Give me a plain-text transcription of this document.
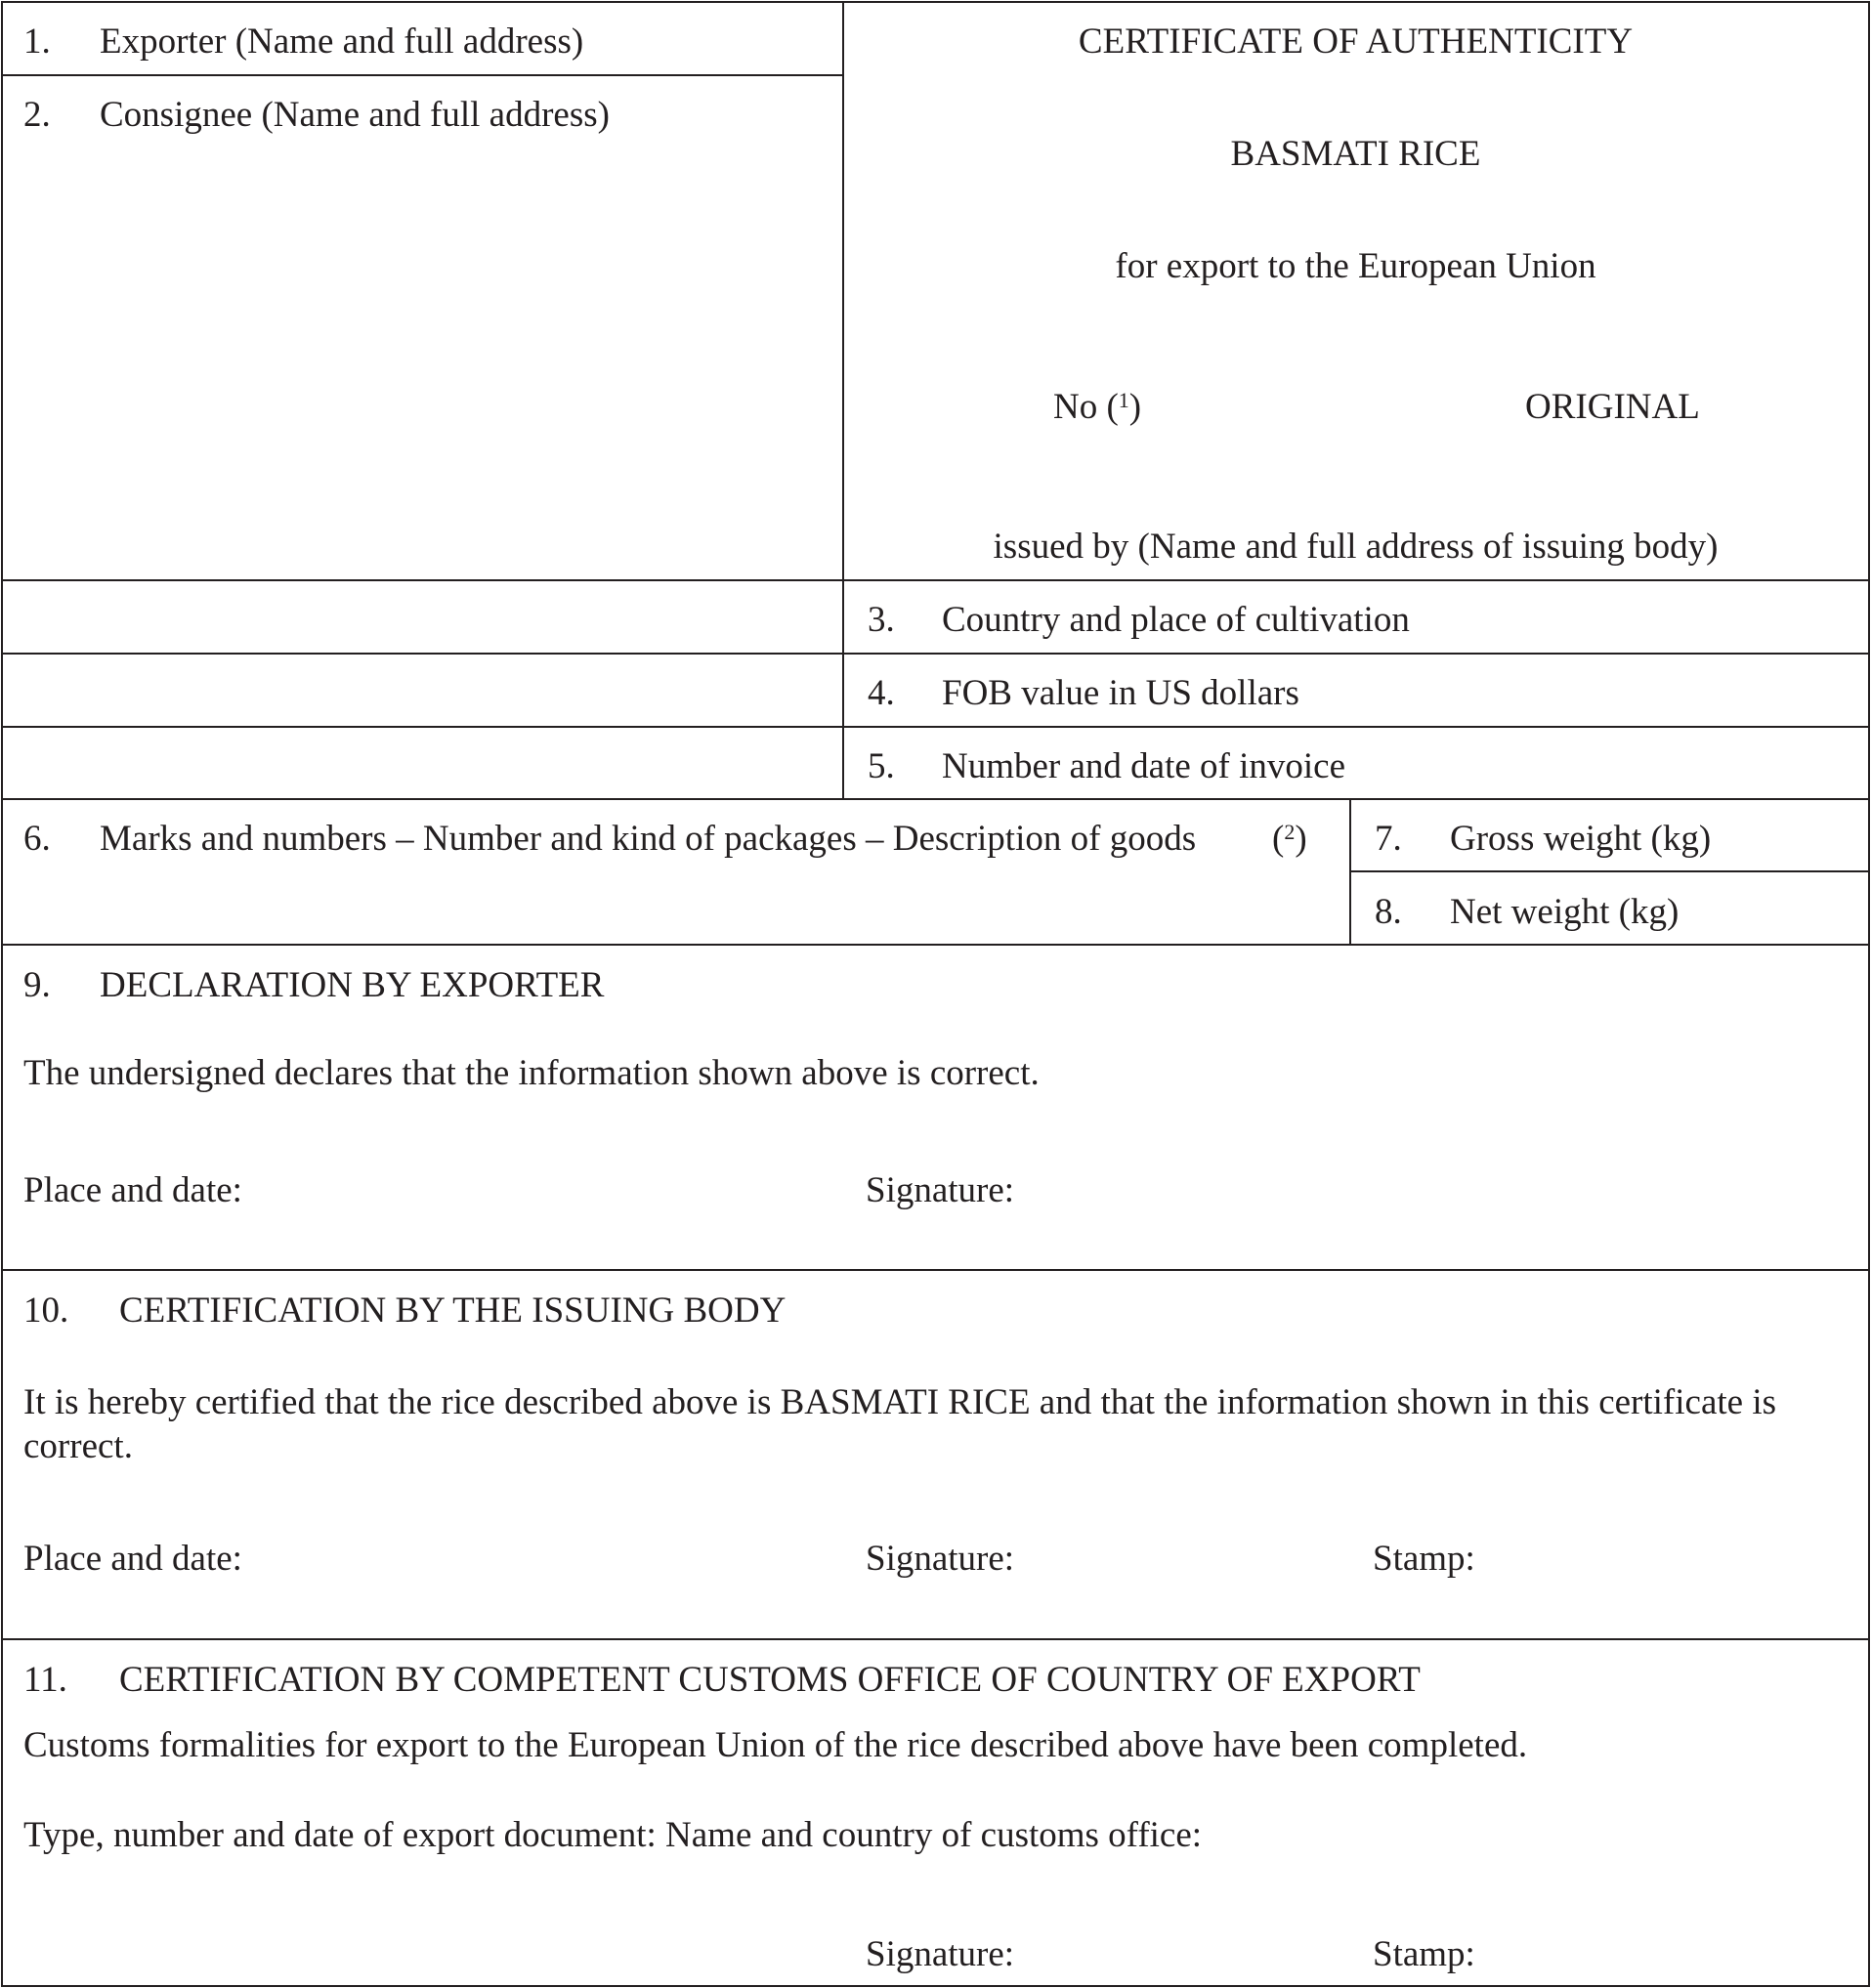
1. Exporter (Name and full address)
2. Consignee (Name and full address)
CERTIFICATE OF AUTHENTICITY
BASMATI RICE
for export to the European Union
No ($^1$)	ORIGINAL
issued by (Name and full address of issuing body)
3. Country and place of cultivation
4. FOB value in US dollars
5. Number and date of invoice
6. Marks and numbers – Number and kind of packages – Description of goods ($^2$) 7. Gross weight (kg)
8. Net weight (kg)
9. DECLARATION BY EXPORTER
The undersigned declares that the information shown above is correct.
Place and date:	Signature:
10. CERTIFICATION BY THE ISSUING BODY
It is hereby certified that the rice described above is BASMATI RICE and that the information shown in this certificate is correct.
Place and date:	Signature:	Stamp:
11. CERTIFICATION BY COMPETENT CUSTOMS OFFICE OF COUNTRY OF EXPORT
Customs formalities for export to the European Union of the rice described above have been completed.
Type, number and date of export document: Name and country of customs office:
Signature:	Stamp:
